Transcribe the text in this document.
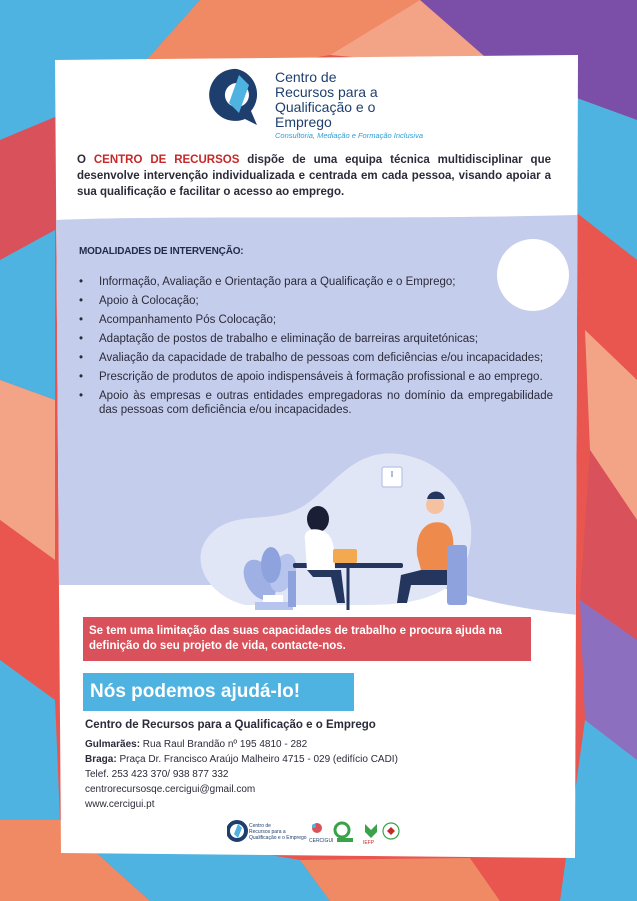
Centro de
Recursos para a
Qualificação e o Emprego
Consultoria, Mediação e Formação Inclusiva
O CENTRO DE RECURSOS dispõe de uma equipa técnica multidisciplinar que desenvolve intervenção individualizada e centrada em cada pessoa, visando apoiar a sua qualificação e facilitar o acesso ao emprego.
MODALIDADES DE INTERVENÇÃO:
• Informação, Avaliação e Orientação para a Qualificação e o Emprego;
• Apoio à Colocação;
• Acompanhamento Pós Colocação;
• Adaptação de postos de trabalho e eliminação de barreiras arquitetónicas;
• Avaliação da capacidade de trabalho de pessoas com deficiências e/ou incapacidades;
• Prescrição de produtos de apoio indispensáveis à formação profissional e ao emprego.
• Apoio às empresas e outras entidades empregadoras no domínio da empregabilidade das pessoas com deficiência e/ou incapacidades.
Se tem uma limitação das suas capacidades de trabalho e procura ajuda na definição do seu projeto de vida, contacte-nos.
Nós podemos ajudá-lo!
Centro de Recursos para a Qualificação e o Emprego
Gulmarães: Rua Raul Brandão nº 195 4810 - 282
Braga: Praça Dr. Francisco Araújo Malheiro 4715 - 029 (edifício CADI)
Telef. 253 423 370/ 938 877 332
centrorecursosqe.cercigui@gmail.com
www.cercigui.pt
Centro de
Recursos para a
Qualificação e o Emprego CERCIGUI	IEFP
